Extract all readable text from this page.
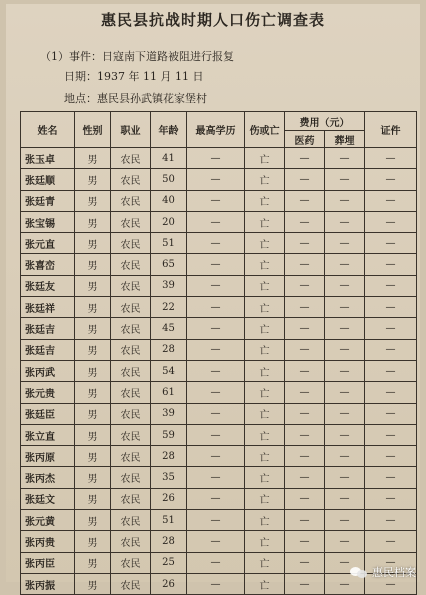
惠民县抗战时期人口伤亡调查表
（1）事件：日寇南下道路被阻进行报复
日期：1937 年 11 月 11 日
地点：惠民县孙武镇花家堡村
姓名	性别	职业	年龄	最高学历	伤或亡	费用（元）		证件
						医药	葬埋	
张玉卓	男	农民	41	—	亡	—	—	—
张廷顺	男	农民	50	—	亡	—	—	—
张廷青	男	农民	40	—	亡	—	—	—
张宝锡	男	农民	20	—	亡	—	—	—
张元直	男	农民	51	—	亡	—	—	—
张喜峦	男	农民	65	—	亡	—	—	—
张廷友	男	农民	39	—	亡	—	—	—
张廷祥	男	农民	22	—	亡	—	—	—
张廷吉	男	农民	45	—	亡	—	—	—
张廷吉	男	农民	28	—	亡	—	—	—
张丙武	男	农民	54	—	亡	—	—	—
张元贵	男	农民	61	—	亡	—	—	—
张廷臣	男	农民	39	—	亡	—	—	—
张立直	男	农民	59	—	亡	—	—	—
张丙原	男	农民	28	—	亡	—	—	—
张丙杰	男	农民	35	—	亡	—	—	—
张廷文	男	农民	26	—	亡	—	—	—
张元黄	男	农民	51	—	亡	—	—	—
张丙贵	男	农民	28	—	亡	—	—	—
张丙臣	男	农民	25	—	亡	—	—	—
张丙振	男	农民	26	—	亡	—	—	—
惠民档案
